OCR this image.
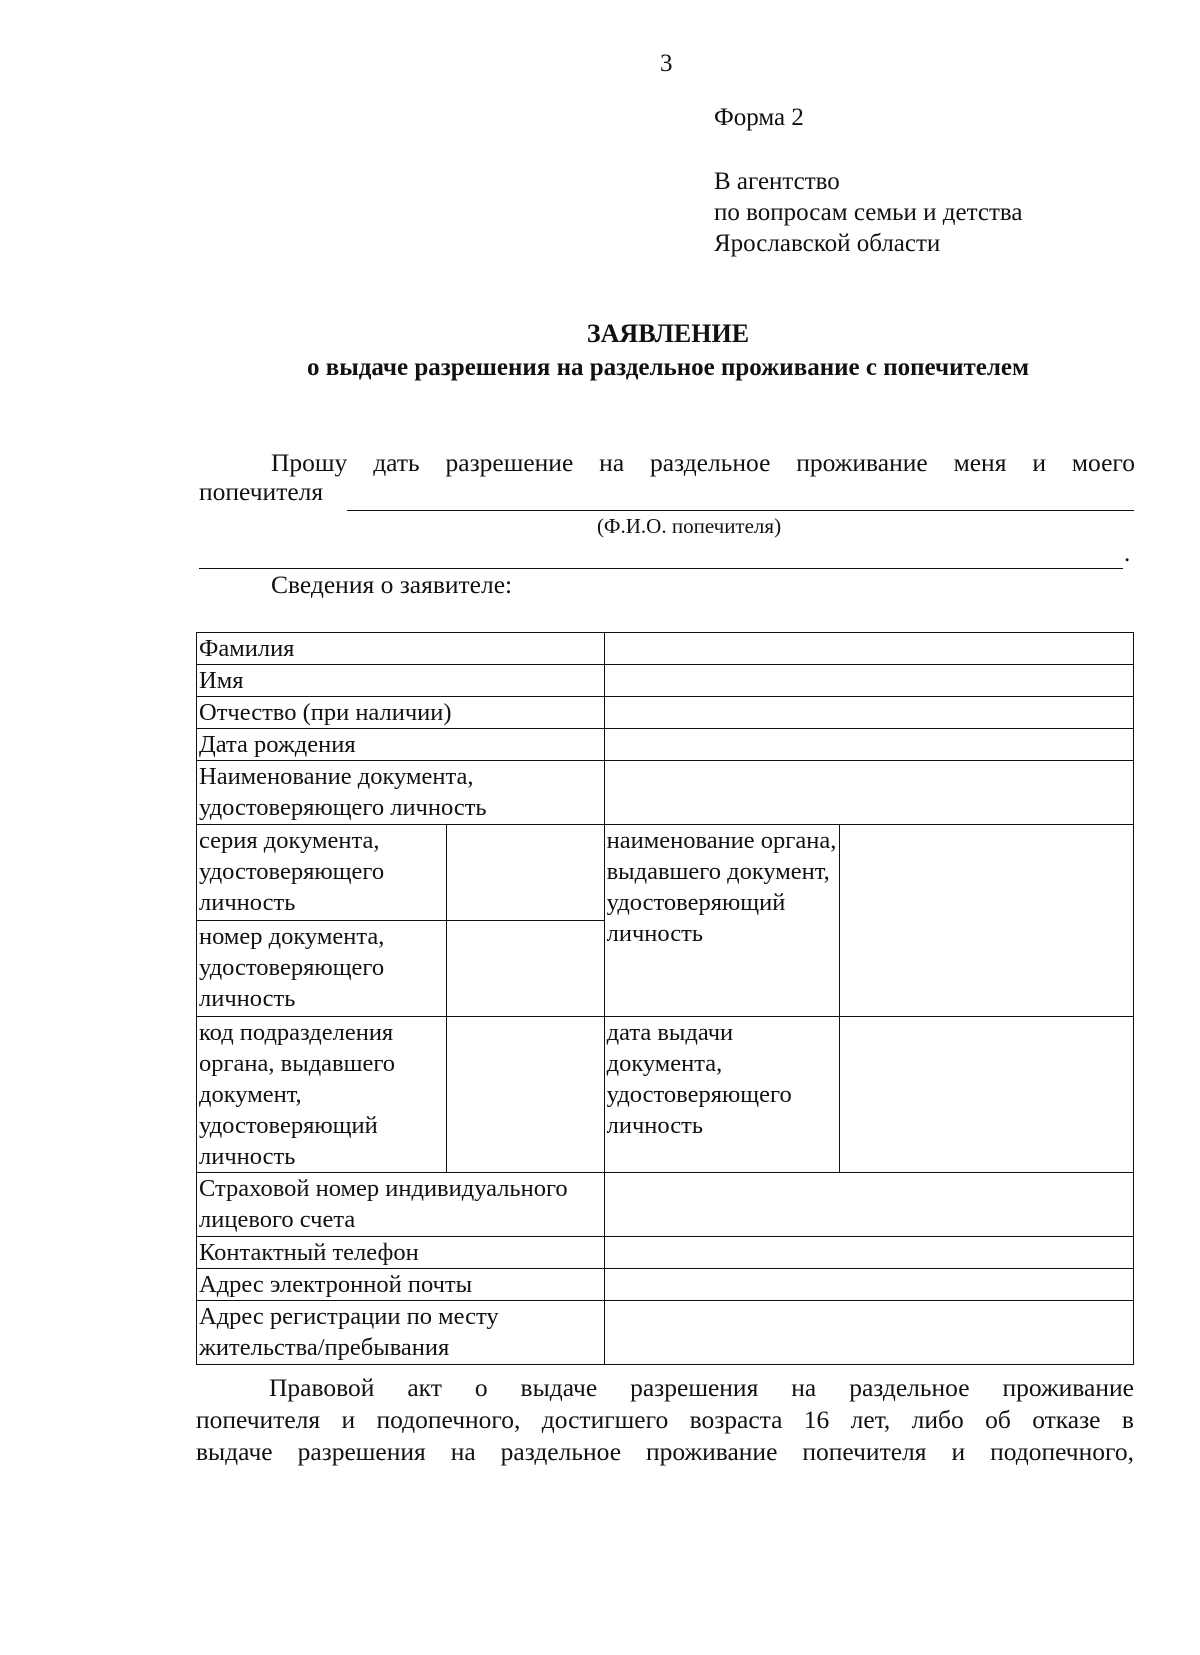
3
Форма 2
В агентство
по вопросам семьи и детства
Ярославской области
ЗАЯВЛЕНИЕ
о выдаче разрешения на раздельное проживание с попечителем
Прошу дать разрешение на раздельное проживание меня и моего
попечителя
(Ф.И.О. попечителя)
.
Сведения о заявителе:
Фамилия			
Имя			
Отчество (при наличии)			
Дата рождения			
Наименование документа, удостоверяющего личность			
серия документа, удостоверяющего личность		наименование органа, выдавшего документ, удостоверяющий личность	
номер документа, удостоверяющего личность			
код подразделения органа, выдавшего документ, удостоверяющий личность		дата выдачи документа, удостоверяющего личность	
Страховой номер индивидуального лицевого счета			
Контактный телефон			
Адрес электронной почты			
Адрес регистрации по месту жительства/пребывания			
Правовой акт о выдаче разрешения на раздельное проживание
попечителя и подопечного, достигшего возраста 16 лет, либо об отказе в
выдаче разрешения на раздельное проживание попечителя и подопечного,
